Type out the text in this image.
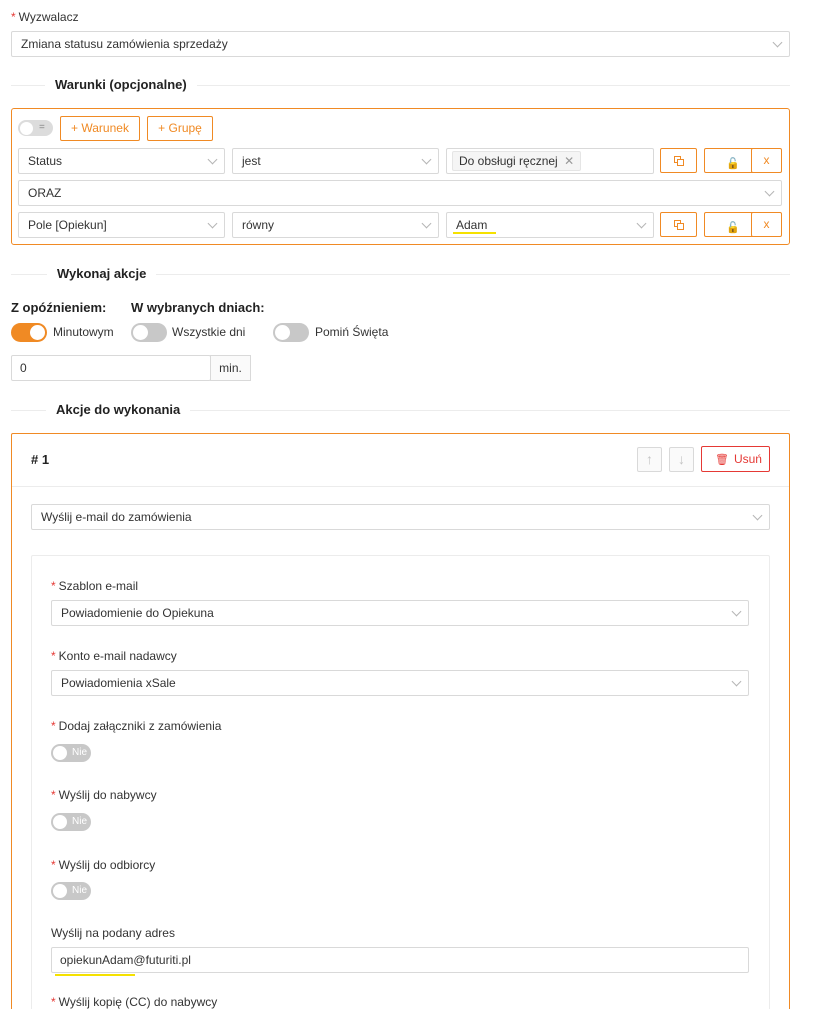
* Wyzwalacz
Zmiana statusu zamówienia sprzedaży
Warunki (opcjonalne)
=	+ Warunek	+ Grupę
Status	jest	Do obsługi ręcznej ✕	🔓	x
ORAZ
Pole [Opiekun]	równy	Adam	🔓	x
Wykonaj akcje
Z opóźnieniem: W wybranych dniach:
Minutowym	Wszystkie dni	Pomiń Święta
0	min.
Akcje do wykonania
# 1	↑	↓	🗑 Usuń
Wyślij e-mail do zamówienia
* Szablon e-mail
Powiadomienie do Opiekuna
* Konto e-mail nadawcy
Powiadomienia xSale
* Dodaj załączniki z zamówienia
Nie
* Wyślij do nabywcy
Nie
* Wyślij do odbiorcy
Nie
Wyślij na podany adres
opiekunAdam@futuriti.pl
* Wyślij kopię (CC) do nabywcy
